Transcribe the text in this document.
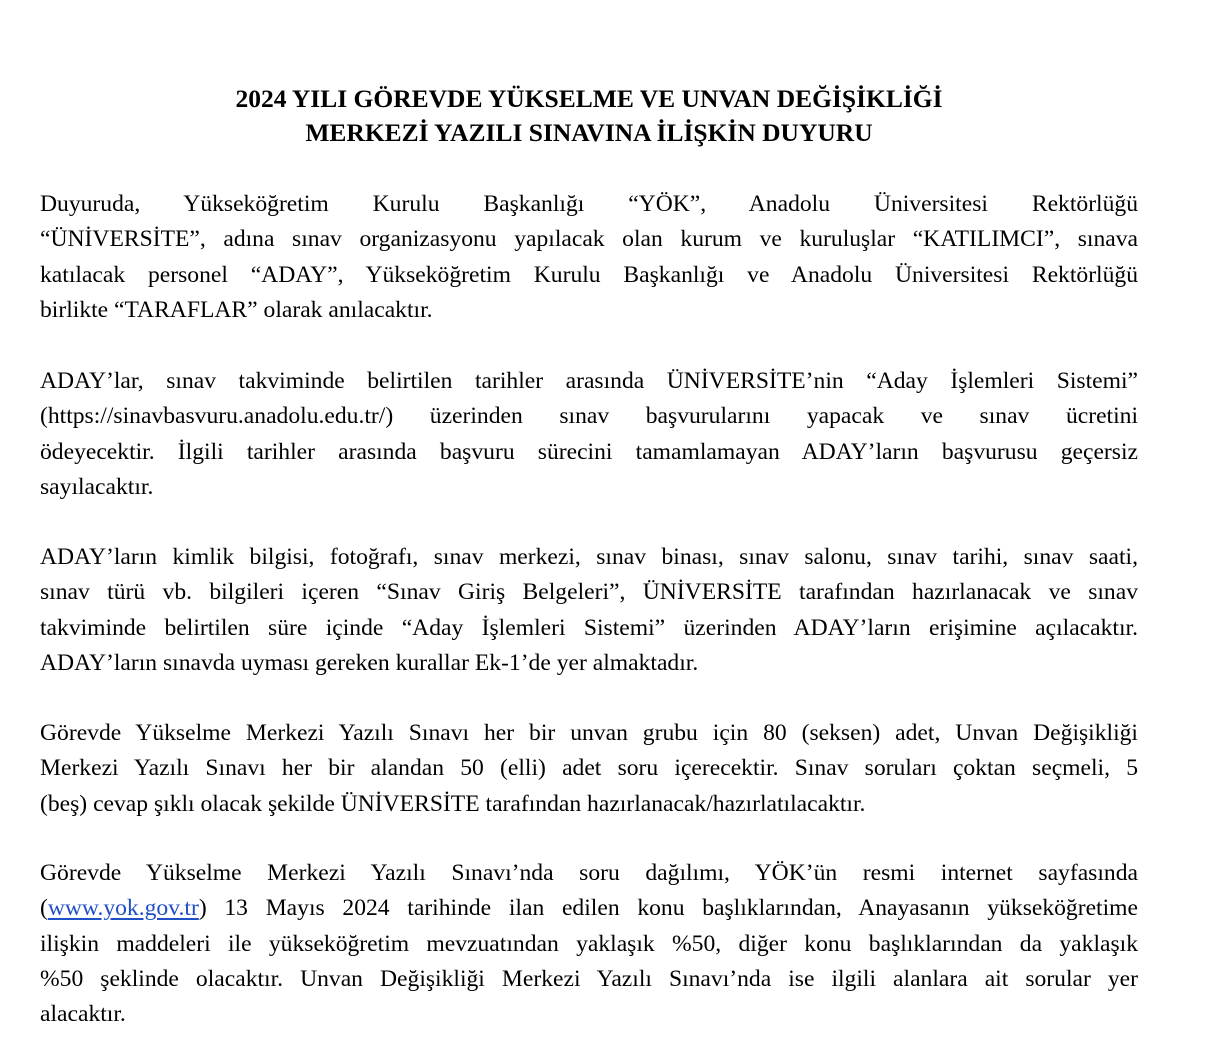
2024 YILI GÖREVDE YÜKSELME VE UNVAN DEĞİŞİKLİĞİ
MERKEZİ YAZILI SINAVINA İLİŞKİN DUYURU
Duyuruda, Yükseköğretim Kurulu Başkanlığı “YÖK”, Anadolu Üniversitesi Rektörlüğü
“ÜNİVERSİTE”, adına sınav organizasyonu yapılacak olan kurum ve kuruluşlar “KATILIMCI”, sınava
katılacak personel “ADAY”, Yükseköğretim Kurulu Başkanlığı ve Anadolu Üniversitesi Rektörlüğü
birlikte “TARAFLAR” olarak anılacaktır.
ADAY’lar, sınav takviminde belirtilen tarihler arasında ÜNİVERSİTE’nin “Aday İşlemleri Sistemi”
(https://sinavbasvuru.anadolu.edu.tr/) üzerinden sınav başvurularını yapacak ve sınav ücretini
ödeyecektir. İlgili tarihler arasında başvuru sürecini tamamlamayan ADAY’ların başvurusu geçersiz
sayılacaktır.
ADAY’ların kimlik bilgisi, fotoğrafı, sınav merkezi, sınav binası, sınav salonu, sınav tarihi, sınav saati,
sınav türü vb. bilgileri içeren “Sınav Giriş Belgeleri”, ÜNİVERSİTE tarafından hazırlanacak ve sınav
takviminde belirtilen süre içinde “Aday İşlemleri Sistemi” üzerinden ADAY’ların erişimine açılacaktır.
ADAY’ların sınavda uyması gereken kurallar Ek-1’de yer almaktadır.
Görevde Yükselme Merkezi Yazılı Sınavı her bir unvan grubu için 80 (seksen) adet, Unvan Değişikliği
Merkezi Yazılı Sınavı her bir alandan 50 (elli) adet soru içerecektir. Sınav soruları çoktan seçmeli, 5
(beş) cevap şıklı olacak şekilde ÜNİVERSİTE tarafından hazırlanacak/hazırlatılacaktır.
Görevde Yükselme Merkezi Yazılı Sınavı’nda soru dağılımı, YÖK’ün resmi internet sayfasında
(www.yok.gov.tr) 13 Mayıs 2024 tarihinde ilan edilen konu başlıklarından, Anayasanın yükseköğretime
ilişkin maddeleri ile yükseköğretim mevzuatından yaklaşık %50, diğer konu başlıklarından da yaklaşık
%50 şeklinde olacaktır. Unvan Değişikliği Merkezi Yazılı Sınavı’nda ise ilgili alanlara ait sorular yer
alacaktır.
